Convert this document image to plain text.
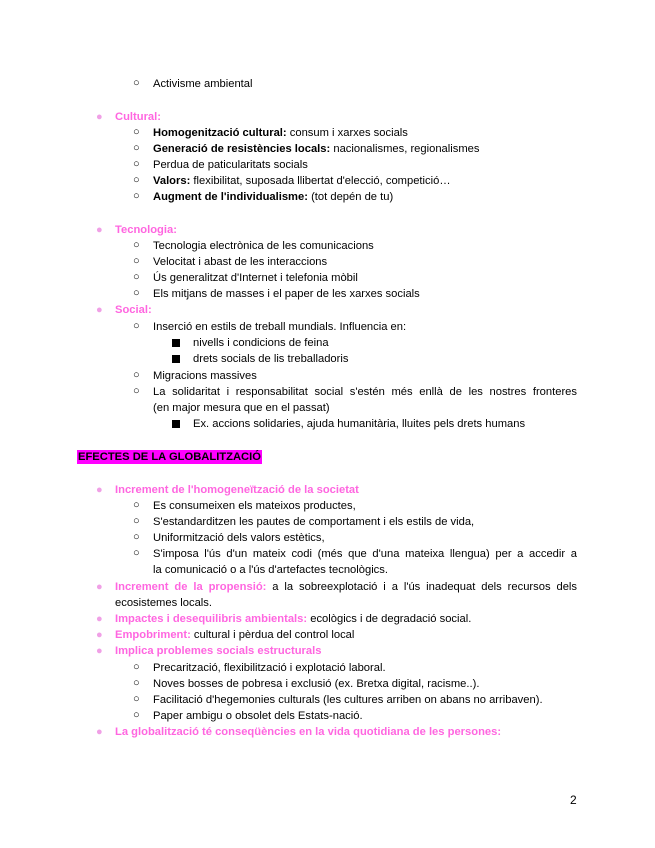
○ Activisme ambiental
● Cultural:
○ Homogenització cultural: consum i xarxes socials
○ Generació de resistències locals: nacionalismes, regionalismes
○ Perdua de paticularitats socials
○ Valors: flexibilitat, suposada llibertat d'elecció, competició…
○ Augment de l'individualisme: (tot depén de tu)
● Tecnologia:
○ Tecnologia electrònica de les comunicacions
○ Velocitat i abast de les interaccions
○ Ús generalitzat d'Internet i telefonia mòbil
○ Els mitjans de masses i el paper de les xarxes socials
● Social:
○ Inserció en estils de treball mundials. Influencia en:
nivells i condicions de feina
drets socials de lis treballadoris
○ Migracions massives
○ La solidaritat i responsabilitat social s'estén més enllà de les nostres fronteres
(en major mesura que en el passat)
Ex. accions solidaries, ajuda humanitària, lluites pels drets humans
EFECTES DE LA GLOBALITZACIÓ
● Increment de l'homogeneïtzació de la societat
○ Es consumeixen els mateixos productes,
○ S'estandarditzen les pautes de comportament i els estils de vida,
○ Uniformització dels valors estètics,
○ S'imposa l'ús d'un mateix codi (més que d'una mateixa llengua) per a accedir a
la comunicació o a l'ús d'artefactes tecnològics.
● Increment de la propensió: a la sobreexplotació i a l'ús inadequat dels recursos dels
ecosistemes locals.
● Impactes i desequilibris ambientals: ecològics i de degradació social.
● Empobriment: cultural i pèrdua del control local
● Implica problemes socials estructurals
○ Precarització, flexibilització i explotació laboral.
○ Noves bosses de pobresa i exclusió (ex. Bretxa digital, racisme..).
○ Facilitació d'hegemonies culturals (les cultures arriben on abans no arribaven).
○ Paper ambigu o obsolet dels Estats-nació.
● La globalització té conseqüències en la vida quotidiana de les persones:
2
